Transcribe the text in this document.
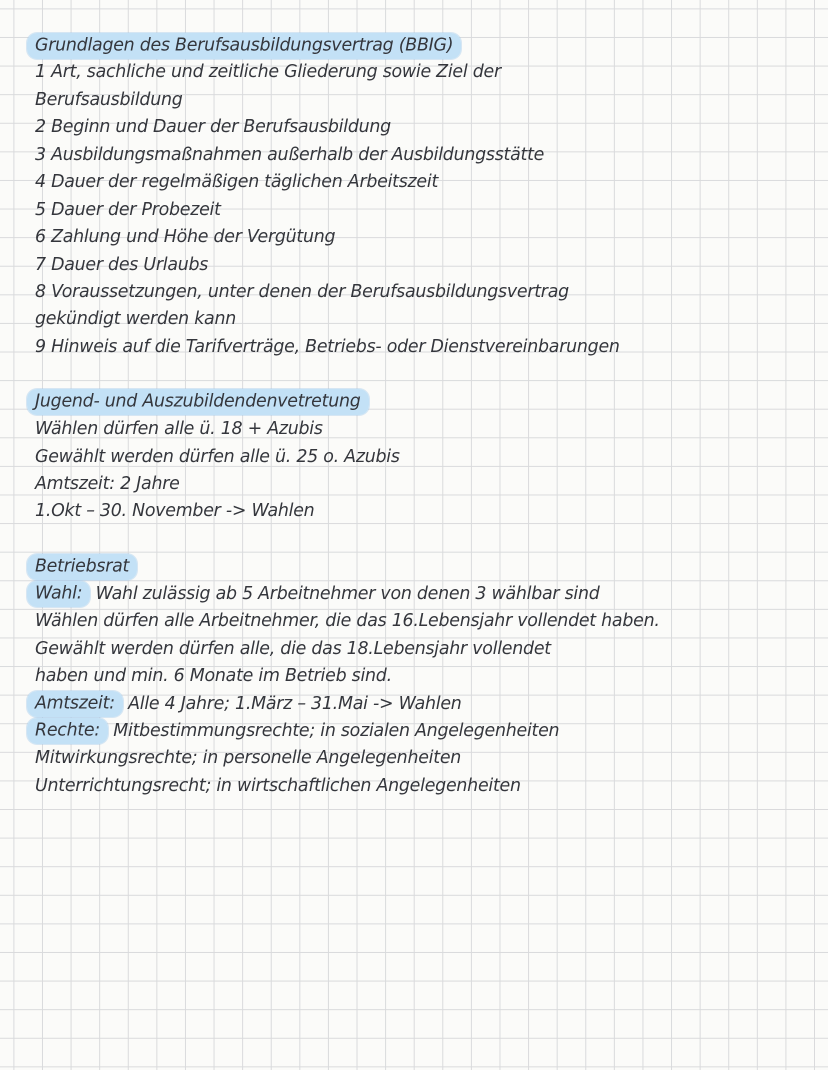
Grundlagen des Berufsausbildungsvertrag (BBIG)
1 Art, sachliche und zeitliche Gliederung sowie Ziel der
Berufsausbildung
2 Beginn und Dauer der Berufsausbildung
3 Ausbildungsmaßnahmen außerhalb der Ausbildungsstätte
4 Dauer der regelmäßigen täglichen Arbeitszeit
5 Dauer der Probezeit
6 Zahlung und Höhe der Vergütung
7 Dauer des Urlaubs
8 Voraussetzungen, unter denen der Berufsausbildungsvertrag
gekündigt werden kann
9 Hinweis auf die Tarifverträge, Betriebs- oder Dienstvereinbarungen
Jugend- und Auszubildendenvetretung
Wählen dürfen alle ü. 18 + Azubis
Gewählt werden dürfen alle ü. 25 o. Azubis
Amtszeit: 2 Jahre
1.Okt – 30. November -> Wahlen
Betriebsrat
Wahl: Wahl zulässig ab 5 Arbeitnehmer von denen 3 wählbar sind
Wählen dürfen alle Arbeitnehmer, die das 16.Lebensjahr vollendet haben.
Gewählt werden dürfen alle, die das 18.Lebensjahr vollendet
haben und min. 6 Monate im Betrieb sind.
Amtszeit: Alle 4 Jahre; 1.März – 31.Mai -> Wahlen
Rechte: Mitbestimmungsrechte; in sozialen Angelegenheiten
Mitwirkungsrechte; in personelle Angelegenheiten
Unterrichtungsrecht; in wirtschaftlichen Angelegenheiten
